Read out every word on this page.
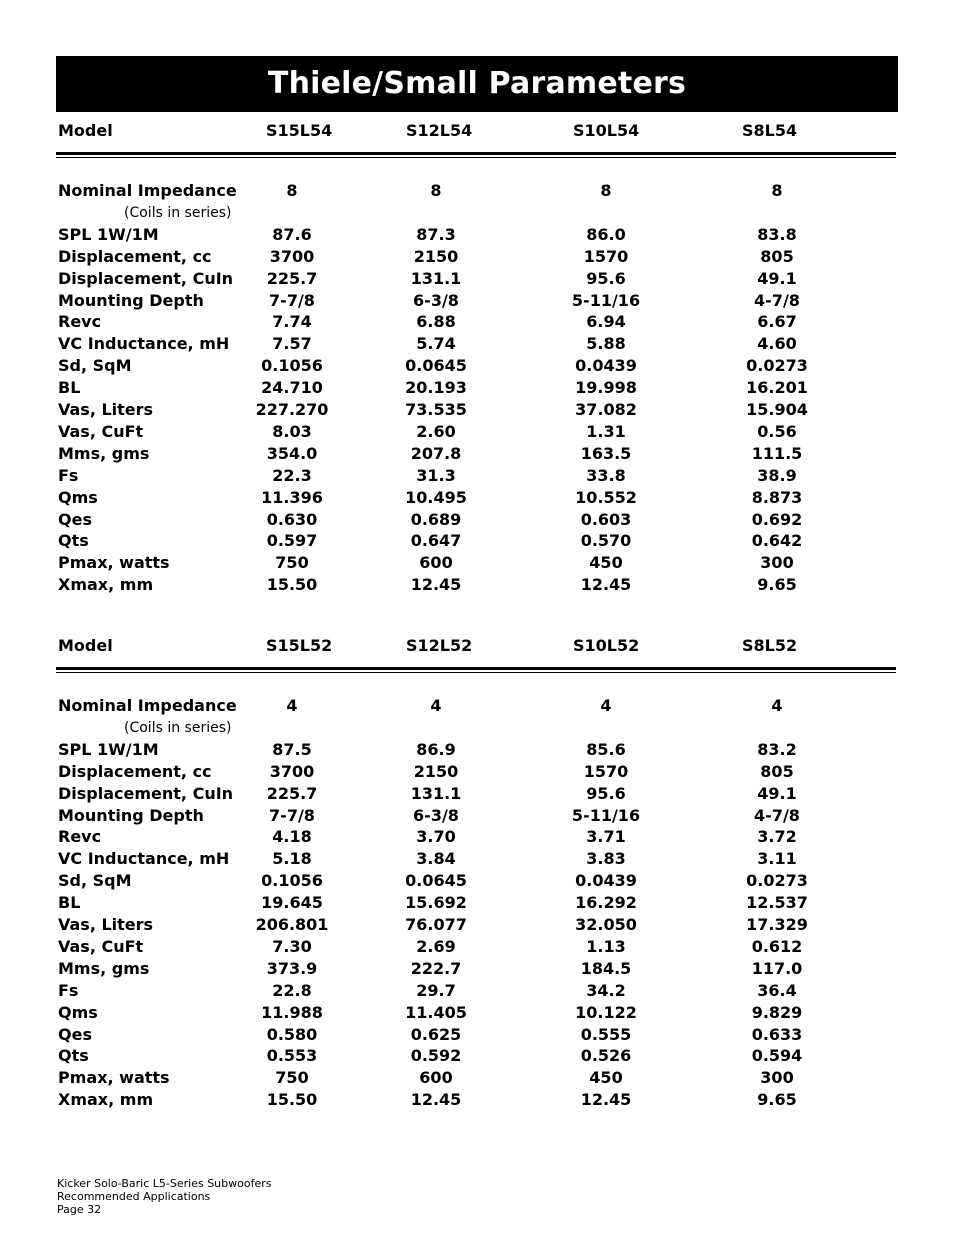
Thiele/Small Parameters
Model	S15L54	S12L54	S10L54	S8L54
Nominal Impedance	8	8	8	8
(Coils in series)
SPL 1W/1M	87.6	87.3	86.0	83.8
Displacement, cc	3700	2150	1570	805
Displacement, CuIn	225.7	131.1	95.6	49.1
Mounting Depth	7-7/8	6-3/8	5-11/16	4-7/8
Revc	7.74	6.88	6.94	6.67
VC Inductance, mH	7.57	5.74	5.88	4.60
Sd, SqM	0.1056	0.0645	0.0439	0.0273
BL	24.710	20.193	19.998	16.201
Vas, Liters	227.270	73.535	37.082	15.904
Vas, CuFt	8.03	2.60	1.31	0.56
Mms, gms	354.0	207.8	163.5	111.5
Fs	22.3	31.3	33.8	38.9
Qms	11.396	10.495	10.552	8.873
Qes	0.630	0.689	0.603	0.692
Qts	0.597	0.647	0.570	0.642
Pmax, watts	750	600	450	300
Xmax, mm	15.50	12.45	12.45	9.65
Model	S15L52	S12L52	S10L52	S8L52
Nominal Impedance	4	4	4	4
(Coils in series)
SPL 1W/1M	87.5	86.9	85.6	83.2
Displacement, cc	3700	2150	1570	805
Displacement, CuIn	225.7	131.1	95.6	49.1
Mounting Depth	7-7/8	6-3/8	5-11/16	4-7/8
Revc	4.18	3.70	3.71	3.72
VC Inductance, mH	5.18	3.84	3.83	3.11
Sd, SqM	0.1056	0.0645	0.0439	0.0273
BL	19.645	15.692	16.292	12.537
Vas, Liters	206.801	76.077	32.050	17.329
Vas, CuFt	7.30	2.69	1.13	0.612
Mms, gms	373.9	222.7	184.5	117.0
Fs	22.8	29.7	34.2	36.4
Qms	11.988	11.405	10.122	9.829
Qes	0.580	0.625	0.555	0.633
Qts	0.553	0.592	0.526	0.594
Pmax, watts	750	600	450	300
Xmax, mm	15.50	12.45	12.45	9.65
Kicker Solo-Baric L5-Series Subwoofers
Recommended Applications
Page 32
